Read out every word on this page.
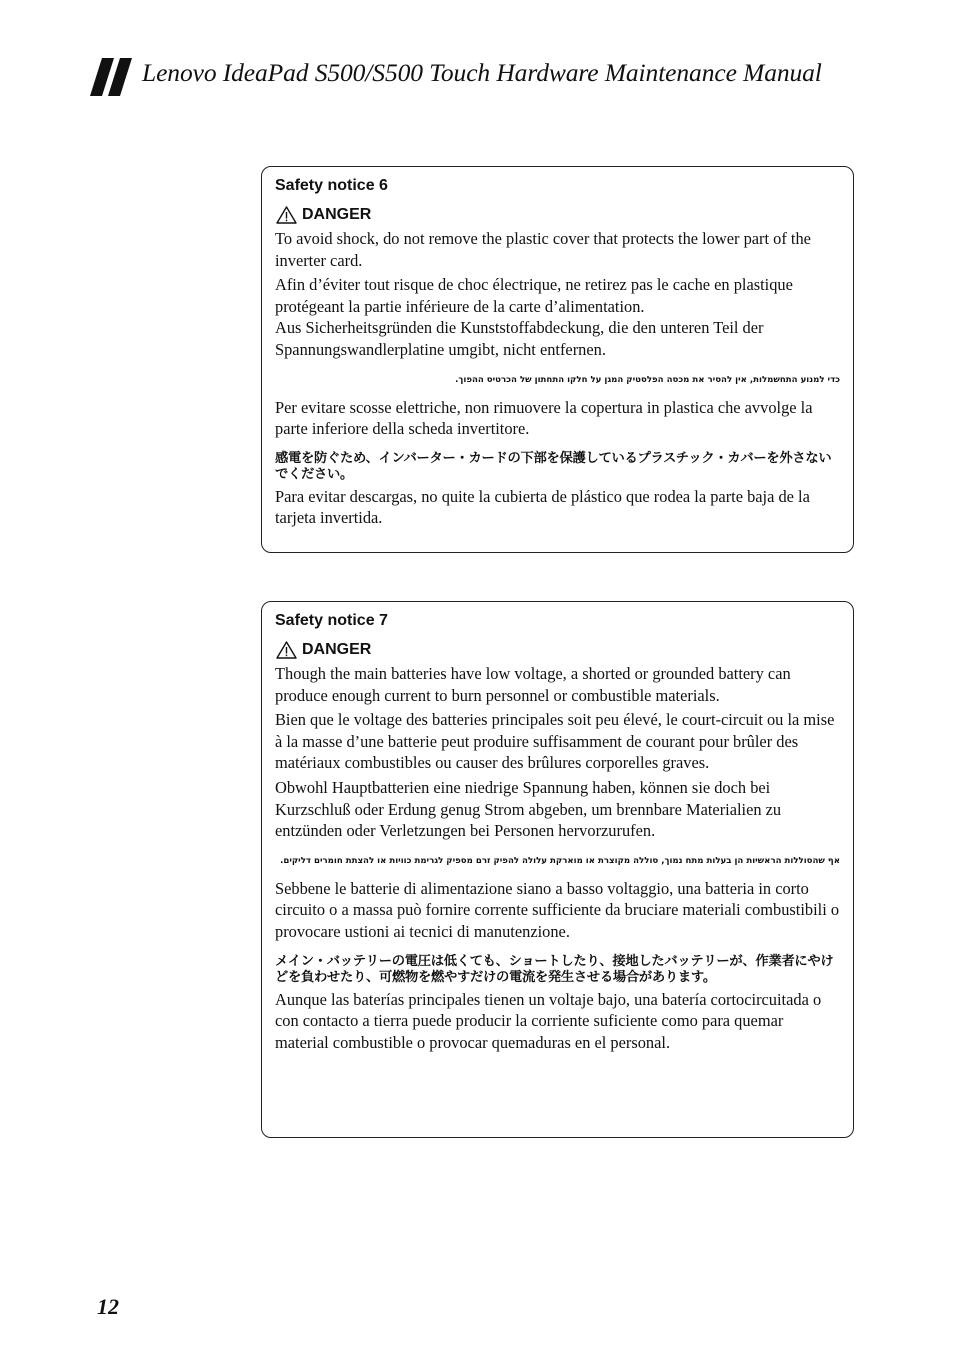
Lenovo IdeaPad S500/S500 Touch Hardware Maintenance Manual

Safety notice 6

DANGER

To avoid shock, do not remove the plastic cover that protects the lower part of the inverter card.

Afin d’éviter tout risque de choc électrique, ne retirez pas le cache en plastique protégeant la partie inférieure de la carte d’alimentation.

Aus Sicherheitsgründen die Kunststoffabdeckung, die den unteren Teil der Spannungswandlerplatine umgibt, nicht entfernen.

כדי למנוע התחשמלות, אין להסיר את מכסה הפלסטיק המגן על חלקו התחתון של הכרטיס ההפוך.

Per evitare scosse elettriche, non rimuovere la copertura in plastica che avvolge la parte inferiore della scheda invertitore.

感電を防ぐため、インバーター・カードの下部を保護しているプラスチック・カバーを外さないでください。

Para evitar descargas, no quite la cubierta de plástico que rodea la parte baja de la tarjeta invertida.

Safety notice 7

DANGER

Though the main batteries have low voltage, a shorted or grounded battery can produce enough current to burn personnel or combustible materials.

Bien que le voltage des batteries principales soit peu élevé, le court-circuit ou la mise à la masse d’une batterie peut produire suffisamment de courant pour brûler des matériaux combustibles ou causer des brûlures corporelles graves.

Obwohl Hauptbatterien eine niedrige Spannung haben, können sie doch bei Kurzschluß oder Erdung genug Strom abgeben, um brennbare Materialien zu entzünden oder Verletzungen bei Personen hervorzurufen.

אף שהסוללות הראשיות הן בעלות מתח נמוך, סוללה מקוצרת או מוארקת עלולה להפיק זרם מספיק לגרימת כוויות או להצתת חומרים דליקים.

Sebbene le batterie di alimentazione siano a basso voltaggio, una batteria in corto circuito o a massa può fornire corrente sufficiente da bruciare materiali combustibili o provocare ustioni ai tecnici di manutenzione.

メイン・バッテリーの電圧は低くても、ショートしたり、接地したバッテリーが、作業者にやけどを負わせたり、可燃物を燃やすだけの電流を発生させる場合があります。

Aunque las baterías principales tienen un voltaje bajo, una batería cortocircuitada o con contacto a tierra puede producir la corriente suficiente como para quemar material combustible o provocar quemaduras en el personal.

12
